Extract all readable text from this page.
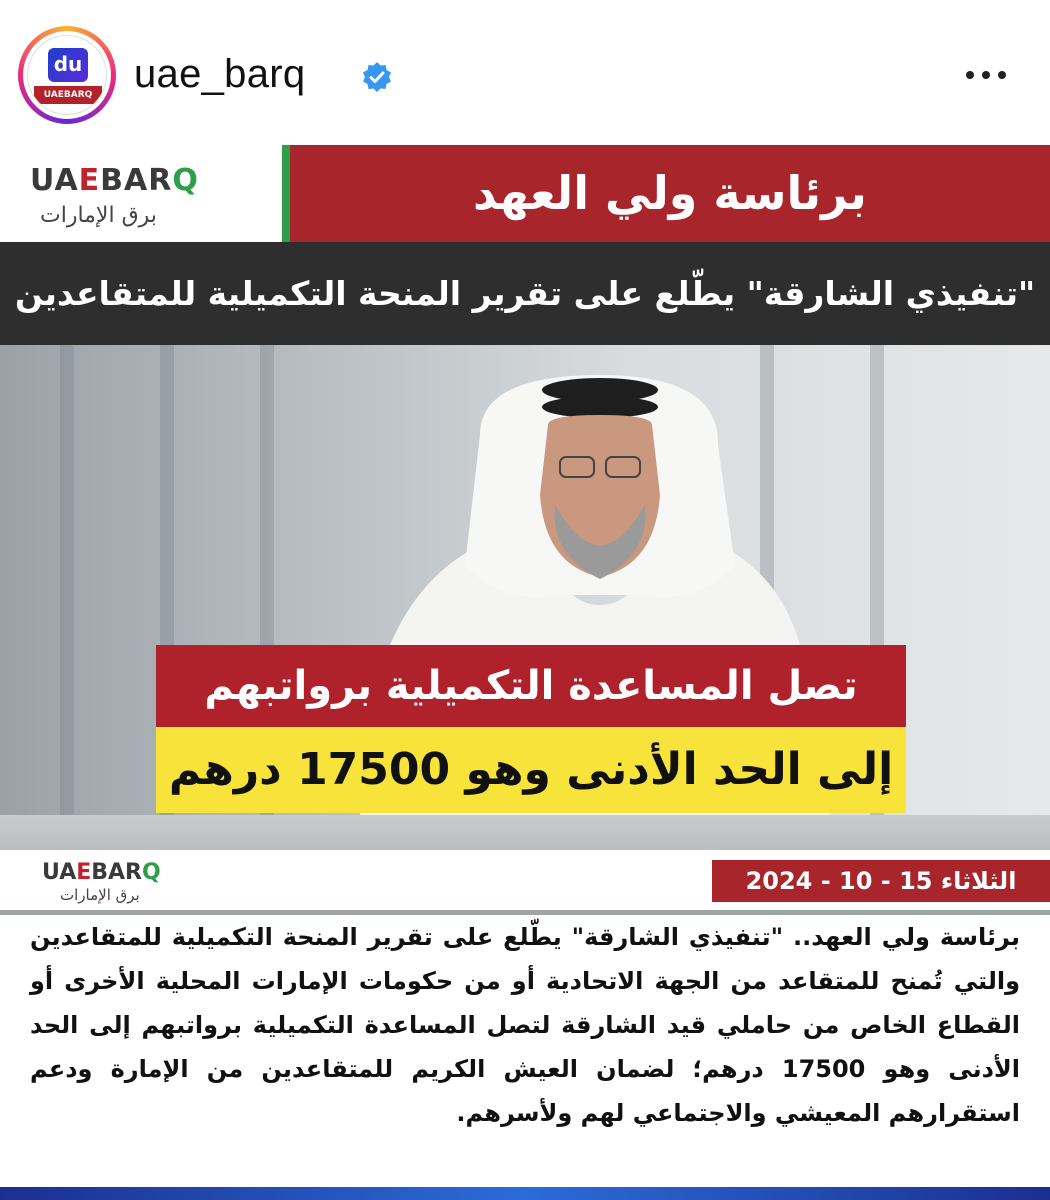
du
UAEBARQ uae_barq
UAEBARQ
برق الإمارات	برئاسة ولي العهد
"تنفيذي الشارقة" يطّلع على تقرير المنحة التكميلية للمتقاعدين
تصل المساعدة التكميلية برواتبهم
إلى الحد الأدنى وهو 17500 درهم
UAEBARQ
برق الإمارات	الثلاثاء 15 - 10 - 2024
برئاسة ولي العهد.. "تنفيذي الشارقة" يطّلع على تقرير المنحة التكميلية للمتقاعدين والتي تُمنح للمتقاعد من الجهة الاتحادية أو من حكومات الإمارات المحلية الأخرى أو القطاع الخاص من حاملي قيد الشارقة لتصل المساعدة التكميلية برواتبهم إلى الحد الأدنى وهو 17500 درهم؛ لضمان العيش الكريم للمتقاعدين من الإمارة ودعم استقرارهم المعيشي والاجتماعي لهم ولأسرهم.
